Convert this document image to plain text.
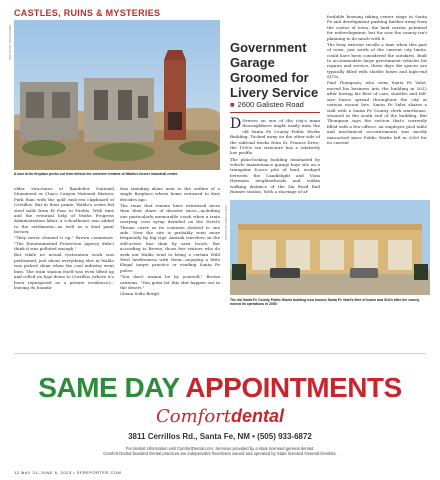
CASTLES, RUINS & MYSTERIES
PHOTO BY JOHN EVANS
A lone brick fireplace peeks out from behind the concrete remains of Waldo's former industrial center.

older structures at Bandelier National Monument or Chaco Canyon National Historic Park than with the gold rush-era clapboard of Cerrillos. But in their prime, Waldo's ovens fed steel mills from El Paso to Pueblo. With time and the eventual help of Works Progress Administration labor, a schoolhouse was added to the settlement—as well as a lead paint factory.

"They never cleaned it up," Brown comments. "The Environmental Protection Agency didn't think it was polluted enough."

But while no actual restoration work was performed, just about everything else in Waldo was picked clean when the coal industry went bust. The train station itself was even lifted up and rolled on logs down to Cerrillos (where it's been repurposed as a private residence)—leaving its founda-

tion standing alone next to the outline of a single fireplace whose home returned to dust decades ago.

The ruins that remain have witnessed more than their share of disaster since—including one particularly memorable crash when a train carrying corn syrup derailed on the Devil's Throne curve as its contents sloshed to one side. Now the site is probably seen more frequently by big rigs' Amtrak travelers on the still-active line than by area locals. But according to Brown, those few visitors who do seek out Waldo tend to bring a certain Wild West lawlessness with them—enjoying a little illegal target practice or evading Santa Fe police.

"You don't wanna be by yourself," Brown cautions. "You gotta let this shit happen out in the desert."

(Siena Sofia Bergt)

Government Garage Groomed for Livery Service
■ 2600 Galisteo Road

D Drivers on one of the city's main thoroughfares might easily miss the old Santa Fe County Public Works Building. Tucked away on the other side of the railroad tracks from St. Francis Drive, the 1950s era structure has a relatively low profile.

The plain-looking building dominated by vehicle maintenance garage bays sits on a triangular 4-acre plot of land, wedged between the Candlelight and Vista Hermosa neighborhoods and within walking distance of the Zia Road Rail Runner station. With a shortage of af-

fordable housing taking center stage in Santa Fe and development pushing further away from the center of town, the land carries potential for redevelopment, but for now the county isn't planning to do much with it.

The boxy exterior recalls a time when this part of town, just north of the current city limits, could have been considered the outskirts. Built to accommodate large government vehicles for repairs and service, these days the spaces are typically filled with shuttle buses and high-end SUVs.

Paul Thompson, who owns Santa Fe Valet, moved his business into the building in 2022 after having his fleet of cars, shuttles and full-size buses spread throughout the city at various vacant lots. Santa Fe Valet shares a wall with a Santa Fe County clerk warehouse, situated at the south end of the building. But Thompson says the section that's currently filled with a few offices, an employee pool table and mechanical accoutrements was mostly untouched since Public Works left in 2009 for its current

PHOTO BY JOHN EVANS
The old Santa Fe County Public Works building now houses Santa Fe Valet's fleet of buses and SUVs after the county moved its operations in 2009.
SAME DAY APPOINTMENTS
Comfortdental
3811 Cerrillos Rd., Santa Fe, NM • (505) 933-6872
For dentist information visit ComfortDental.com. Services provided by a state licensed general dentist.
Comfort Dental branded Dental practices are independent franchises owned and operated by State licensed General Dentists.
12 MAY 31–JUNE 6, 2023 • SFREPORTER.COM
